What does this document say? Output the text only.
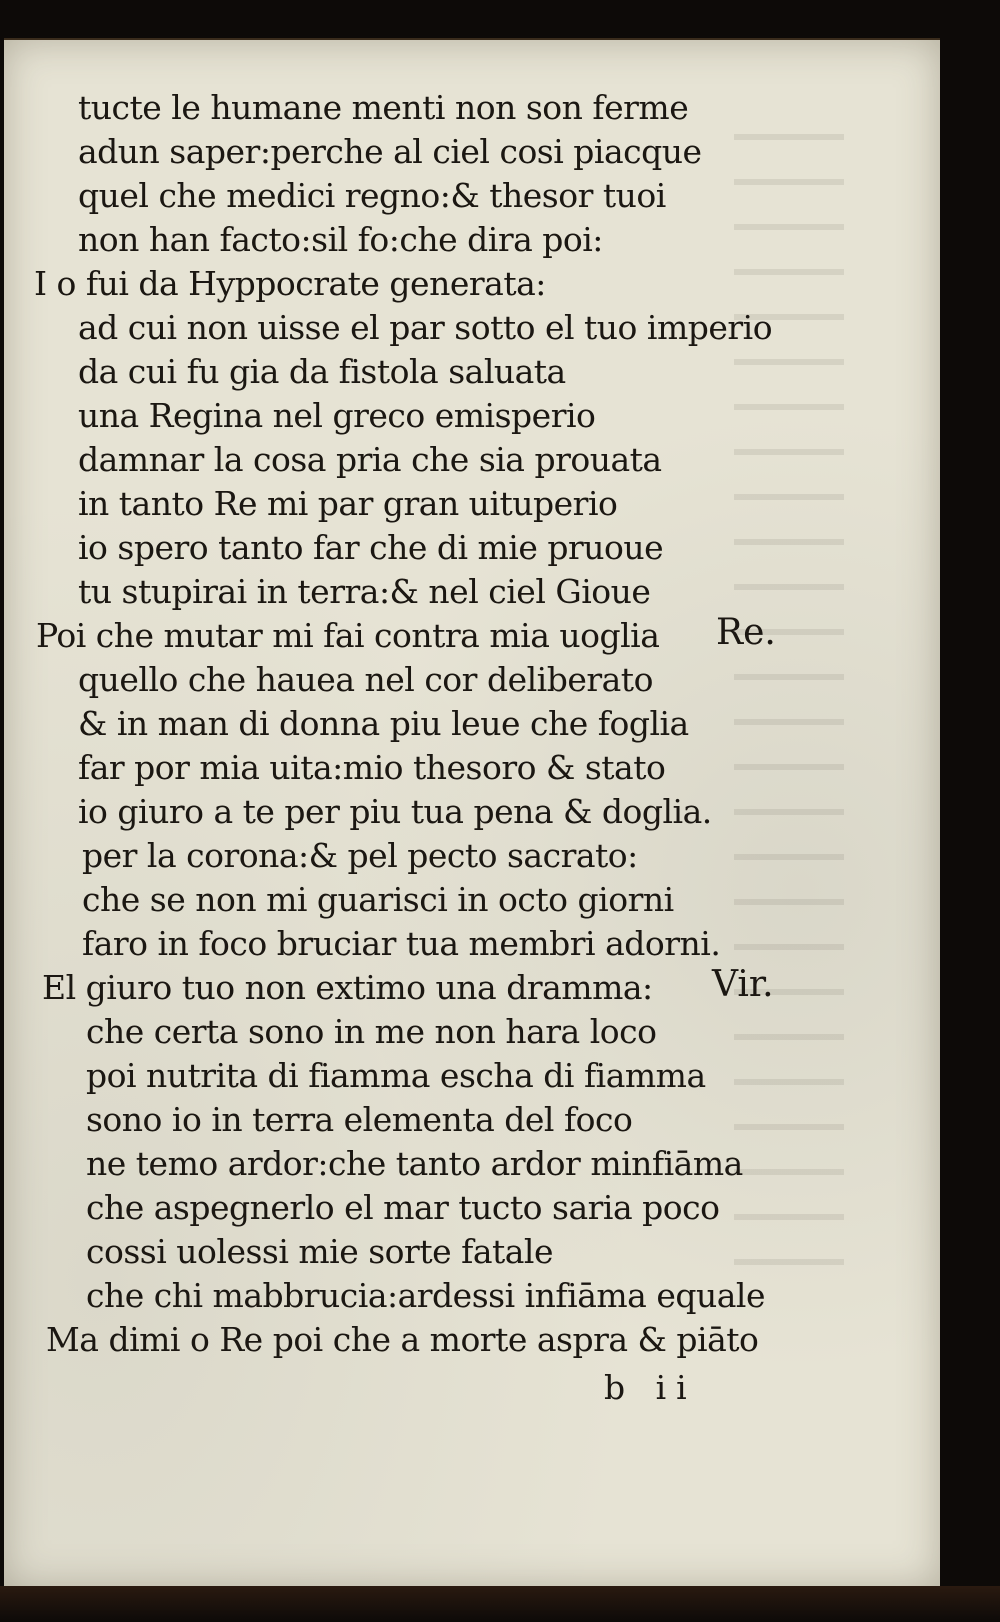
tucte le humane menti non son ferme
adun saper:perche al ciel cosi piacque
quel che medici regno:& thesor tuoi
non han facto:sil fo:che dira poi:
I o fui da Hyppocrate generata:
ad cui non uisse el par sotto el tuo imperio
da cui fu gia da fistola saluata
una Regina nel greco emisperio
damnar la cosa pria che sia prouata
in tanto Re mi par gran uituperio
io spero tanto far che di mie pruoue
tu stupirai in terra:& nel ciel Gioue
Poi che mutar mi fai contra mia uoglia Re.
quello che hauea nel cor deliberato
& in man di donna piu leue che foglia
far por mia uita:mio thesoro & stato
io giuro a te per piu tua pena & doglia.
per la corona:& pel pecto sacrato:
che se non mi guarisci in octo giorni
faro in foco bruciar tua membri adorni.
El giuro tuo non extimo una dramma: Vir.
che certa sono in me non hara loco
poi nutrita di fiamma escha di fiamma
sono io in terra elementa del foco
ne temo ardor:che tanto ardor minfiāma
che aspegnerlo el mar tucto saria poco
cossi uolessi mie sorte fatale
che chi mabbrucia:ardessi infiāma equale
Ma dimi o Re poi che a morte aspra & piāto
b ii
